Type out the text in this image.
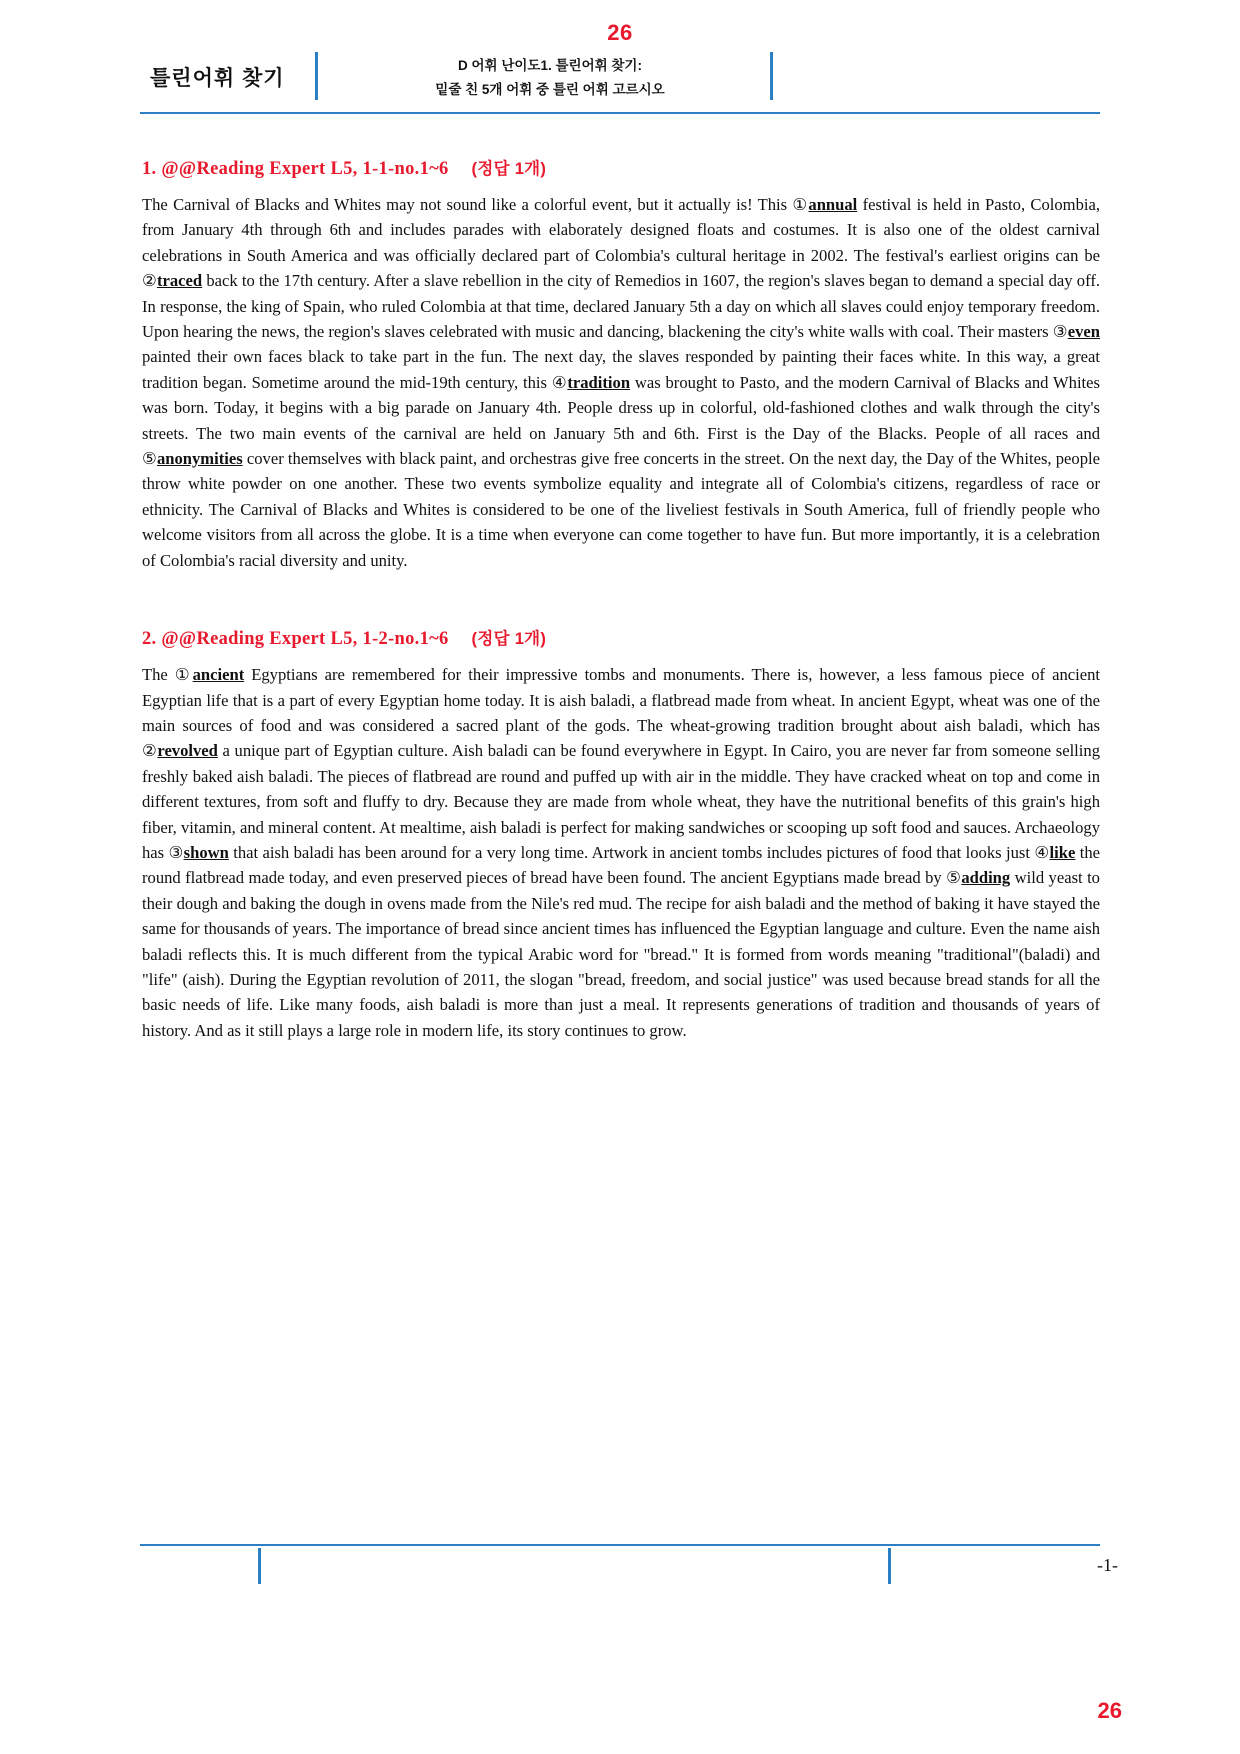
26
틀린어휘 찾기
D 어휘 난이도1. 틀린어휘 찾기:
밑줄 친 5개 어휘 중 틀린 어휘 고르시오
1. @@Reading Expert L5, 1-1-no.1~6 (정답 1개)

The Carnival of Blacks and Whites may not sound like a colorful event, but it actually is! This ①annual festival is held in Pasto, Colombia, from January 4th through 6th and includes parades with elaborately designed floats and costumes. It is also one of the oldest carnival celebrations in South America and was officially declared part of Colombia's cultural heritage in 2002. The festival's earliest origins can be ②traced back to the 17th century. After a slave rebellion in the city of Remedios in 1607, the region's slaves began to demand a special day off. In response, the king of Spain, who ruled Colombia at that time, declared January 5th a day on which all slaves could enjoy temporary freedom. Upon hearing the news, the region's slaves celebrated with music and dancing, blackening the city's white walls with coal. Their masters ③even painted their own faces black to take part in the fun. The next day, the slaves responded by painting their faces white. In this way, a great tradition began. Sometime around the mid-19th century, this ④tradition was brought to Pasto, and the modern Carnival of Blacks and Whites was born. Today, it begins with a big parade on January 4th. People dress up in colorful, old-fashioned clothes and walk through the city's streets. The two main events of the carnival are held on January 5th and 6th. First is the Day of the Blacks. People of all races and ⑤anonymities cover themselves with black paint, and orchestras give free concerts in the street. On the next day, the Day of the Whites, people throw white powder on one another. These two events symbolize equality and integrate all of Colombia's citizens, regardless of race or ethnicity. The Carnival of Blacks and Whites is considered to be one of the liveliest festivals in South America, full of friendly people who welcome visitors from all across the globe. It is a time when everyone can come together to have fun. But more importantly, it is a celebration of Colombia's racial diversity and unity.

2. @@Reading Expert L5, 1-2-no.1~6 (정답 1개)

The ①ancient Egyptians are remembered for their impressive tombs and monuments. There is, however, a less famous piece of ancient Egyptian life that is a part of every Egyptian home today. It is aish baladi, a flatbread made from wheat. In ancient Egypt, wheat was one of the main sources of food and was considered a sacred plant of the gods. The wheat-growing tradition brought about aish baladi, which has ②revolved a unique part of Egyptian culture. Aish baladi can be found everywhere in Egypt. In Cairo, you are never far from someone selling freshly baked aish baladi. The pieces of flatbread are round and puffed up with air in the middle. They have cracked wheat on top and come in different textures, from soft and fluffy to dry. Because they are made from whole wheat, they have the nutritional benefits of this grain's high fiber, vitamin, and mineral content. At mealtime, aish baladi is perfect for making sandwiches or scooping up soft food and sauces. Archaeology has ③shown that aish baladi has been around for a very long time. Artwork in ancient tombs includes pictures of food that looks just ④like the round flatbread made today, and even preserved pieces of bread have been found. The ancient Egyptians made bread by ⑤adding wild yeast to their dough and baking the dough in ovens made from the Nile's red mud. The recipe for aish baladi and the method of baking it have stayed the same for thousands of years. The importance of bread since ancient times has influenced the Egyptian language and culture. Even the name aish baladi reflects this. It is much different from the typical Arabic word for "bread." It is formed from words meaning "traditional"(baladi) and "life" (aish). During the Egyptian revolution of 2011, the slogan "bread, freedom, and social justice" was used because bread stands for all the basic needs of life. Like many foods, aish baladi is more than just a meal. It represents generations of tradition and thousands of years of history. And as it still plays a large role in modern life, its story continues to grow.

-1-
26
